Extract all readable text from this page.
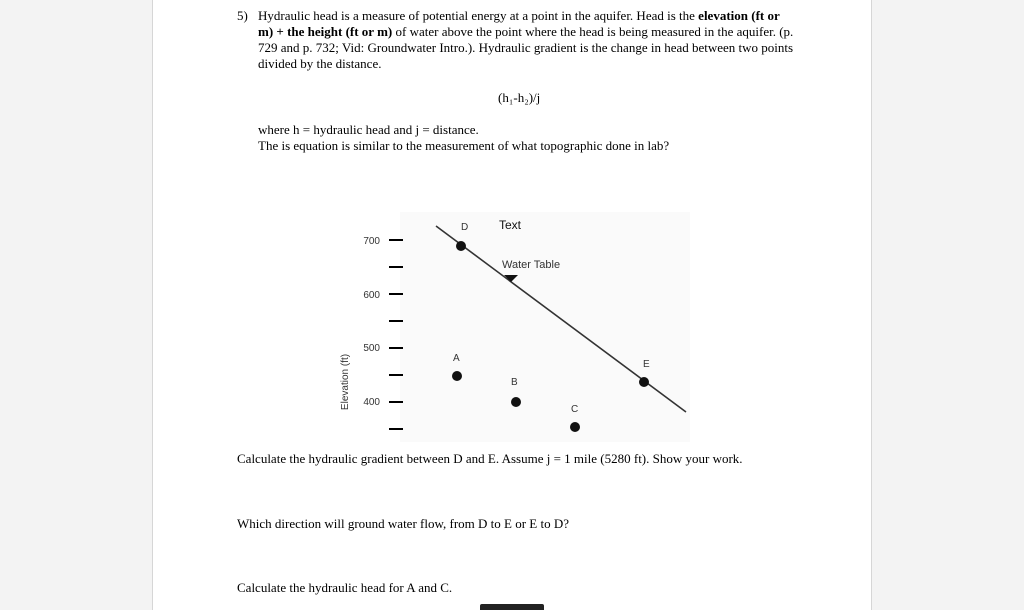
5) Hydraulic head is a measure of potential energy at a point in the aquifer. Head is the elevation (ft or m) + the height (ft or m) of water above the point where the head is being measured in the aquifer. (p. 729 and p. 732; Vid: Groundwater Intro.). Hydraulic gradient is the change in head between two points divided by the distance.
(h₁-h₂)/j
where h = hydraulic head and j = distance.
The is equation is similar to the measurement of what topographic done in lab?
Elevation (ft)
700
600
500
400
Water Table
Text
D
A
B
C
E
Calculate the hydraulic gradient between D and E. Assume j = 1 mile (5280 ft). Show your work.
Which direction will ground water flow, from D to E or E to D?
Calculate the hydraulic head for A and C.
